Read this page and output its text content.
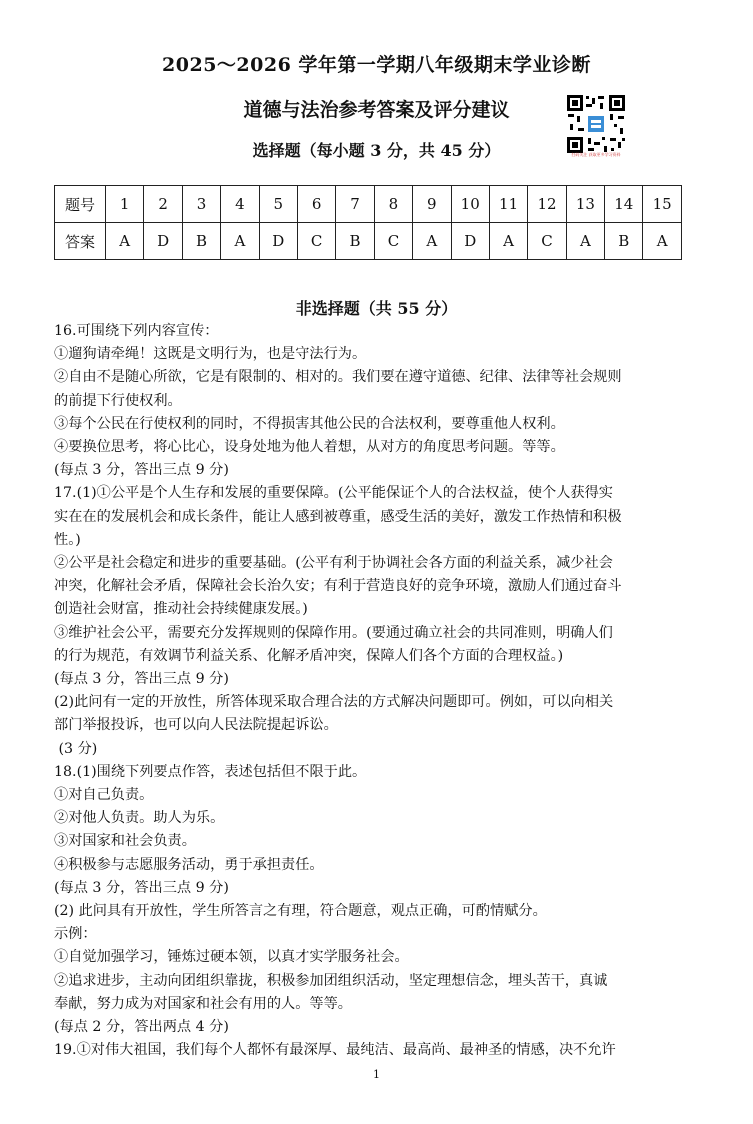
2025～2026 学年第一学期八年级期末学业诊断
道德与法治参考答案及评分建议
选择题（每小题 3 分，共 45 分）	扫码关注 获取更多学习资料
题号	1	2	3	4	5	6	7	8	9	10	11	12	13	14	15
答案	A	D	B	A	D	C	B	C	A	D	A	C	A	B	A
非选择题（共 55 分）

16.可围绕下列内容宣传：

①遛狗请牵绳！这既是文明行为，也是守法行为。

②自由不是随心所欲，它是有限制的、相对的。我们要在遵守道德、纪律、法律等社会规则

的前提下行使权利。

③每个公民在行使权利的同时，不得损害其他公民的合法权利，要尊重他人权利。

④要换位思考，将心比心，设身处地为他人着想，从对方的角度思考问题。等等。

(每点 3 分，答出三点 9 分)

17.(1)①公平是个人生存和发展的重要保障。(公平能保证个人的合法权益，使个人获得实

实在在的发展机会和成长条件，能让人感到被尊重，感受生活的美好，激发工作热情和积极

性。)

②公平是社会稳定和进步的重要基础。(公平有利于协调社会各方面的利益关系，减少社会

冲突，化解社会矛盾，保障社会长治久安；有利于营造良好的竞争环境，激励人们通过奋斗

创造社会财富，推动社会持续健康发展。)

③维护社会公平，需要充分发挥规则的保障作用。(要通过确立社会的共同准则，明确人们

的行为规范，有效调节利益关系、化解矛盾冲突，保障人们各个方面的合理权益。)

(每点 3 分，答出三点 9 分)

(2)此问有一定的开放性，所答体现采取合理合法的方式解决问题即可。例如，可以向相关

部门举报投诉，也可以向人民法院提起诉讼。

(3 分)

18.(1)围绕下列要点作答，表述包括但不限于此。

①对自己负责。

②对他人负责。助人为乐。

③对国家和社会负责。

④积极参与志愿服务活动，勇于承担责任。

(每点 3 分，答出三点 9 分)

(2) 此问具有开放性，学生所答言之有理，符合题意，观点正确，可酌情赋分。

示例：

①自觉加强学习，锤炼过硬本领，以真才实学服务社会。

②追求进步，主动向团组织靠拢，积极参加团组织活动，坚定理想信念，埋头苦干，真诚

奉献，努力成为对国家和社会有用的人。等等。

(每点 2 分，答出两点 4 分)

19.①对伟大祖国，我们每个人都怀有最深厚、最纯洁、最高尚、最神圣的情感，决不允许

1
